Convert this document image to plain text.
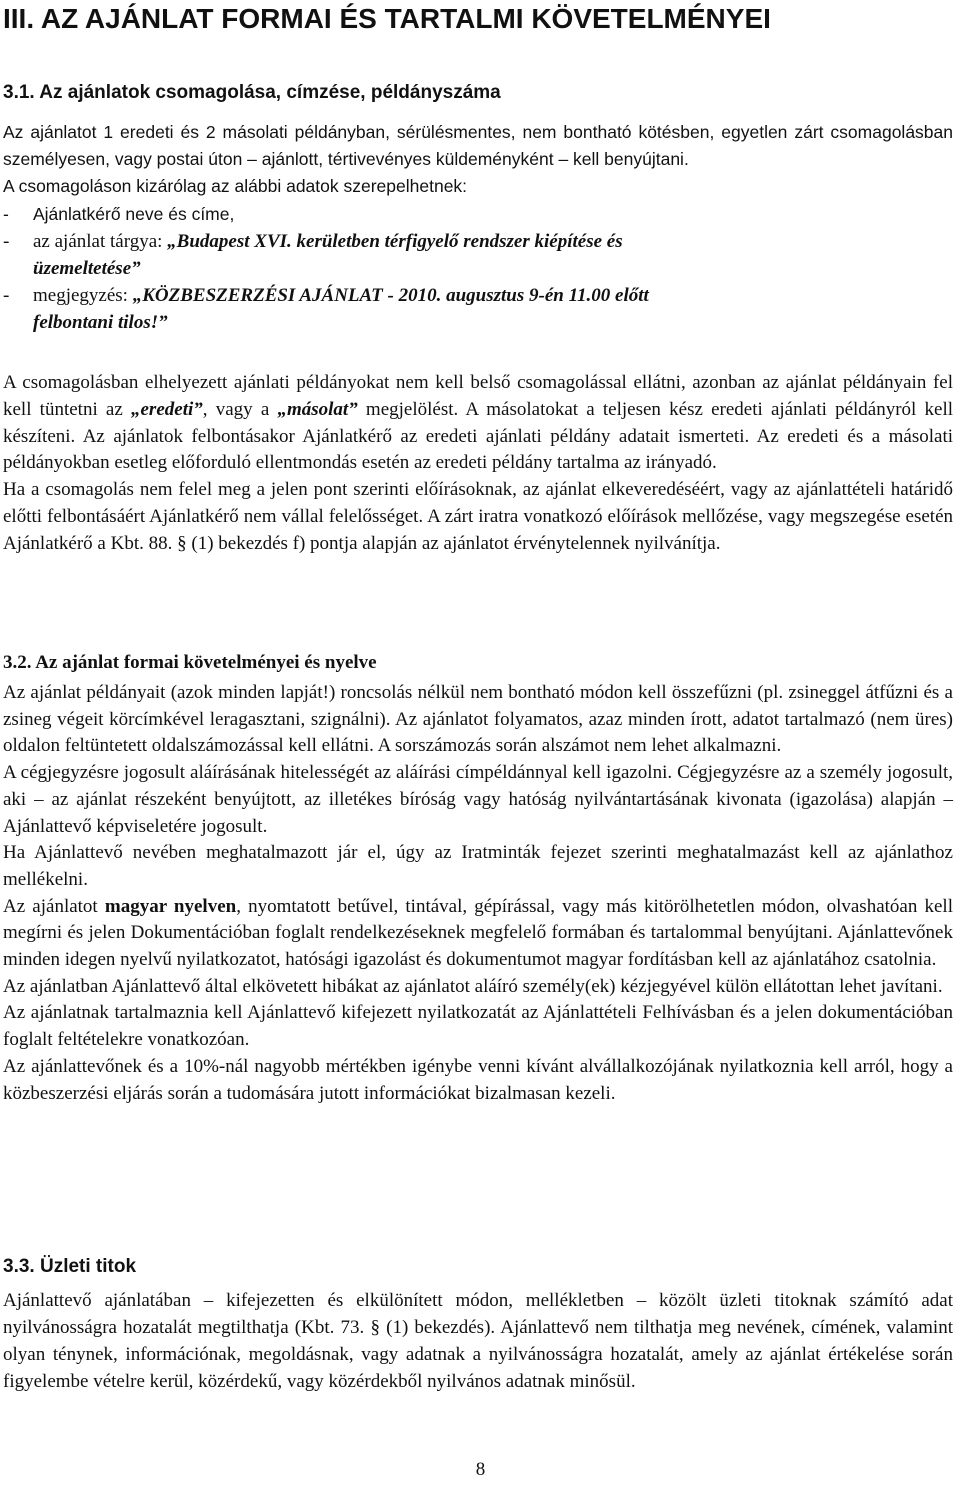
III. AZ AJÁNLAT FORMAI ÉS TARTALMI KÖVETELMÉNYEI
3.1. Az ajánlatok csomagolása, címzése, példányszáma

Az ajánlatot 1 eredeti és 2 másolati példányban, sérülésmentes, nem bontható kötésben, egyetlen zárt csomagolásban személyesen, vagy postai úton – ajánlott, tértivevényes küldeményként – kell benyújtani.

A csomagoláson kizárólag az alábbi adatok szerepelhetnek:

- Ajánlatkérő neve és címe,
- az ajánlat tárgya: „Budapest XVI. kerületben térfigyelő rendszer kiépítése és
üzemeltetése”
- megjegyzés: „KÖZBESZERZÉSI AJÁNLAT - 2010. augusztus 9-én 11.00 előtt
felbontani tilos!”

A csomagolásban elhelyezett ajánlati példányokat nem kell belső csomagolással ellátni, azonban az ajánlat példányain fel kell tüntetni az „eredeti”, vagy a „másolat” megjelölést. A másolatokat a teljesen kész eredeti ajánlati példányról kell készíteni. Az ajánlatok felbontásakor Ajánlatkérő az eredeti ajánlati példány adatait ismerteti. Az eredeti és a másolati példányokban esetleg előforduló ellentmondás esetén az eredeti példány tartalma az irányadó.

Ha a csomagolás nem felel meg a jelen pont szerinti előírásoknak, az ajánlat elkeveredéséért, vagy az ajánlattételi határidő előtti felbontásáért Ajánlatkérő nem vállal felelősséget. A zárt iratra vonatkozó előírások mellőzése, vagy megszegése esetén Ajánlatkérő a Kbt. 88. § (1) bekezdés f) pontja alapján az ajánlatot érvénytelennek nyilvánítja.

3.2. Az ajánlat formai követelményei és nyelve

Az ajánlat példányait (azok minden lapját!) roncsolás nélkül nem bontható módon kell összefűzni (pl. zsineggel átfűzni és a zsineg végeit körcímkével leragasztani, szignálni). Az ajánlatot folyamatos, azaz minden írott, adatot tartalmazó (nem üres) oldalon feltüntetett oldalszámozással kell ellátni. A sorszámozás során alszámot nem lehet alkalmazni.

A cégjegyzésre jogosult aláírásának hitelességét az aláírási címpéldánnyal kell igazolni. Cégjegyzésre az a személy jogosult, aki – az ajánlat részeként benyújtott, az illetékes bíróság vagy hatóság nyilvántartásának kivonata (igazolása) alapján – Ajánlattevő képviseletére jogosult.

Ha Ajánlattevő nevében meghatalmazott jár el, úgy az Iratminták fejezet szerinti meghatalmazást kell az ajánlathoz mellékelni.

Az ajánlatot magyar nyelven, nyomtatott betűvel, tintával, gépírással, vagy más kitörölhetetlen módon, olvashatóan kell megírni és jelen Dokumentációban foglalt rendelkezéseknek megfelelő formában és tartalommal benyújtani. Ajánlattevőnek minden idegen nyelvű nyilatkozatot, hatósági igazolást és dokumentumot magyar fordításban kell az ajánlatához csatolnia.

Az ajánlatban Ajánlattevő által elkövetett hibákat az ajánlatot aláíró személy(ek) kézjegyével külön ellátottan lehet javítani.

Az ajánlatnak tartalmaznia kell Ajánlattevő kifejezett nyilatkozatát az Ajánlattételi Felhívásban és a jelen dokumentációban foglalt feltételekre vonatkozóan.

Az ajánlattevőnek és a 10%-nál nagyobb mértékben igénybe venni kívánt alvállalkozójának nyilatkoznia kell arról, hogy a közbeszerzési eljárás során a tudomására jutott információkat bizalmasan kezeli.

3.3. Üzleti titok

Ajánlattevő ajánlatában – kifejezetten és elkülönített módon, mellékletben – közölt üzleti titoknak számító adat nyilvánosságra hozatalát megtilthatja (Kbt. 73. § (1) bekezdés). Ajánlattevő nem tilthatja meg nevének, címének, valamint olyan ténynek, információnak, megoldásnak, vagy adatnak a nyilvánosságra hozatalát, amely az ajánlat értékelése során figyelembe vételre kerül, közérdekű, vagy közérdekből nyilvános adatnak minősül.

8
